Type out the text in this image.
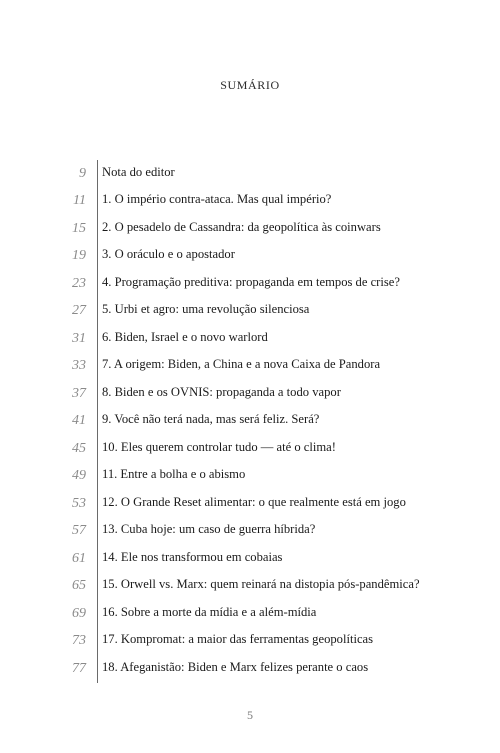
SUMÁRIO
9 Nota do editor
11 1. O império contra-ataca. Mas qual império?
15 2. O pesadelo de Cassandra: da geopolítica às coinwars
19 3. O oráculo e o apostador
23 4. Programação preditiva: propaganda em tempos de crise?
27 5. Urbi et agro: uma revolução silenciosa
31 6. Biden, Israel e o novo warlord
33 7. A origem: Biden, a China e a nova Caixa de Pandora
37 8. Biden e os OVNIS: propaganda a todo vapor
41 9. Você não terá nada, mas será feliz. Será?
45 10. Eles querem controlar tudo — até o clima!
49 11. Entre a bolha e o abismo
53 12. O Grande Reset alimentar: o que realmente está em jogo
57 13. Cuba hoje: um caso de guerra híbrida?
61 14. Ele nos transformou em cobaias
65 15. Orwell vs. Marx: quem reinará na distopia pós-pandêmica?
69 16. Sobre a morte da mídia e a além-mídia
73 17. Kompromat: a maior das ferramentas geopolíticas
77 18. Afeganistão: Biden e Marx felizes perante o caos
5
